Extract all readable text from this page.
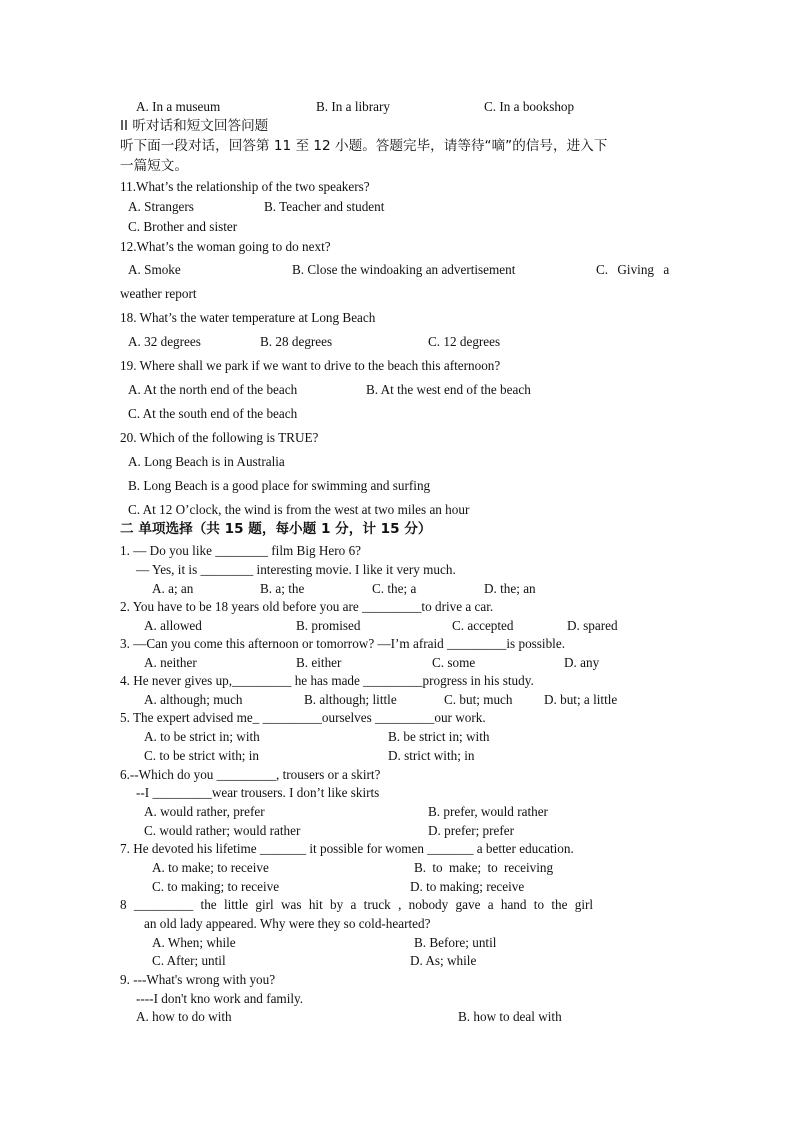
A. In a museum	B. In a library	C. In a bookshop
II 听对话和短文回答问题
听下面一段对话，回答第 11 至 12 小题。答题完毕，请等待“嘀”的信号，进入下
一篇短文。
11.What’s the relationship of the two speakers?
A. Strangers	B. Teacher and student
C. Brother and sister
12.What’s the woman going to do next?
A. Smoke	B. Close the windoaking an advertisement	C. Giving a
weather report
18. What’s the water temperature at Long Beach
A. 32 degrees	B. 28 degrees	C. 12 degrees
19. Where shall we park if we want to drive to the beach this afternoon?
A. At the north end of the beach	B. At the west end of the beach
C. At the south end of the beach
20. Which of the following is TRUE?
A. Long Beach is in Australia
B. Long Beach is a good place for swimming and surfing
C. At 12 O’clock, the wind is from the west at two miles an hour
二 单项选择（共 15 题，每小题 1 分，计 15 分）
1. — Do you like ________ film Big Hero 6?
— Yes, it is ________ interesting movie. I like it very much.
A. a; an	B. a; the	C. the; a	D. the; an
2. You have to be 18 years old before you are _________to drive a car.
A. allowed	B. promised	C. accepted	D. spared
3. —Can you come this afternoon or tomorrow? —I’m afraid _________is possible.
A. neither	B. either	C. some	D. any
4. He never gives up,_________ he has made _________progress in his study.
A. although; much	B. although; little	C. but; much D. but; a little
5. The expert advised me_ _________ourselves _________our work.
A. to be strict in; with	B. be strict in; with
C. to be strict with; in	D. strict with; in
6.--Which do you _________, trousers or a skirt?
--I _________wear trousers. I don’t like skirts
A. would rather, prefer	B. prefer, would rather
C. would rather; would rather	D. prefer; prefer
7. He devoted his lifetime _______ it possible for women _______ a better education.
A. to make; to receive	B. to make; to receiving
C. to making; to receive	D. to making; receive
8 _________ the little girl was hit by a truck , nobody gave a hand to the girl
an old lady appeared. Why were they so cold-hearted?
A. When; while	B. Before; until
C. After; until	D. As; while
9. ---What's wrong with you?
----I don't kno work and family.
A. how to do with	B. how to deal with
